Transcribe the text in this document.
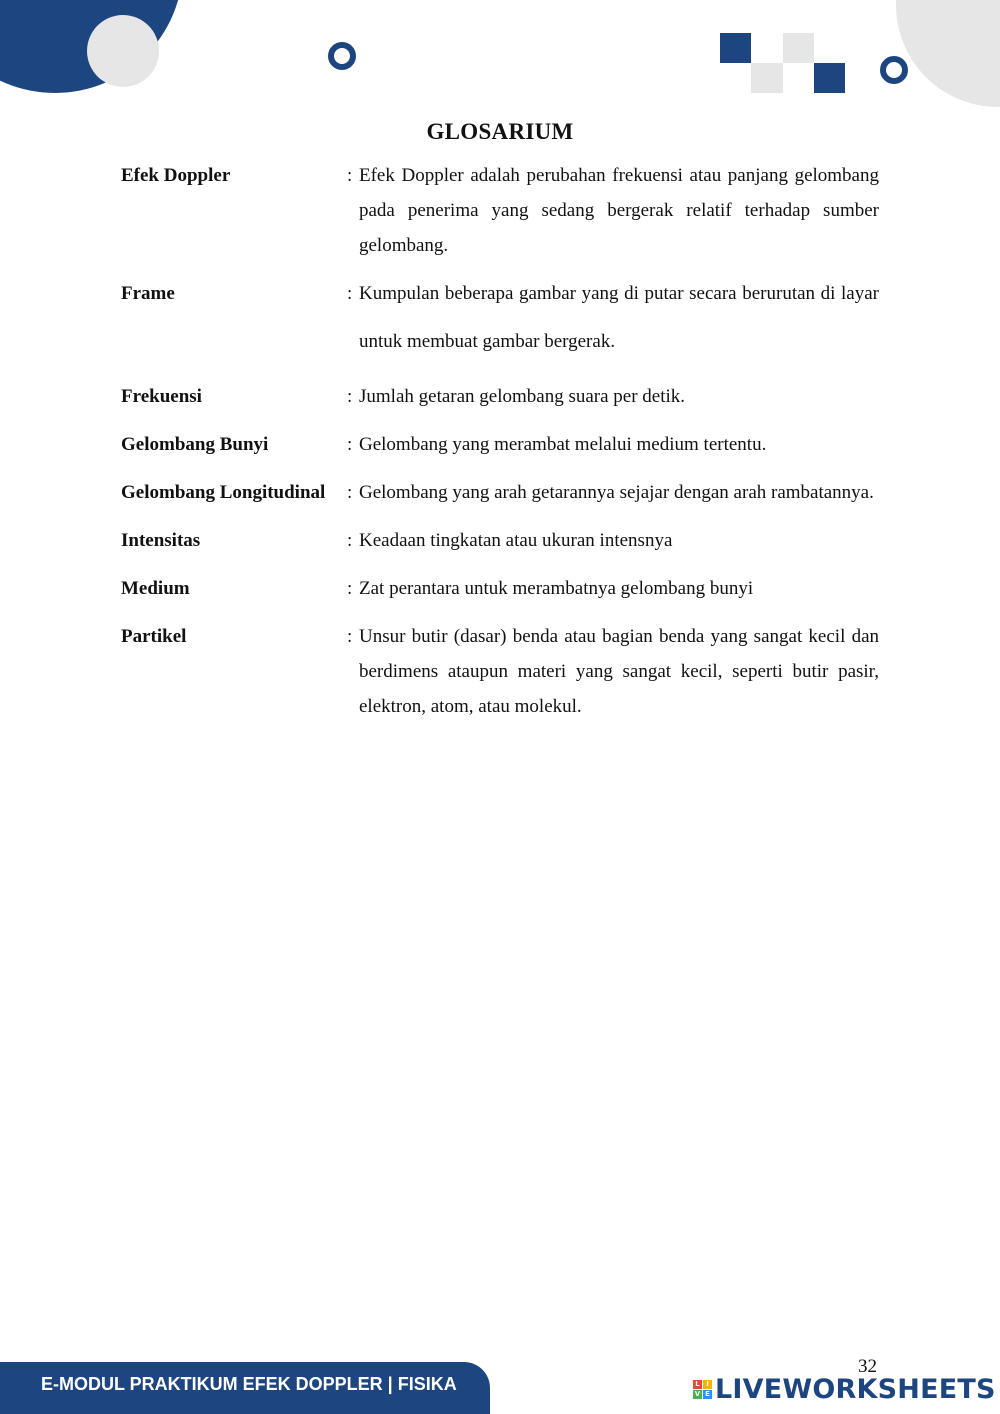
GLOSARIUM
Efek Doppler	: Efek Doppler adalah perubahan frekuensi atau panjang gelombang pada penerima yang sedang bergerak relatif terhadap sumber gelombang.
Frame	: Kumpulan beberapa gambar yang di putar secara berurutan di layar untuk membuat gambar bergerak.
Frekuensi	: Jumlah getaran gelombang suara per detik.
Gelombang Bunyi	: Gelombang yang merambat melalui medium tertentu.
Gelombang Longitudinal	: Gelombang yang arah getarannya sejajar dengan arah rambatannya.
Intensitas	: Keadaan tingkatan atau ukuran intensnya
Medium	: Zat perantara untuk merambatnya gelombang bunyi
Partikel	: Unsur butir (dasar) benda atau bagian benda yang sangat kecil dan berdimens ataupun materi yang sangat kecil, seperti butir pasir, elektron, atom, atau molekul.
32
E-MODUL PRAKTIKUM EFEK DOPPLER | FISIKA	L I
V E LIVEWORKSHEETS
